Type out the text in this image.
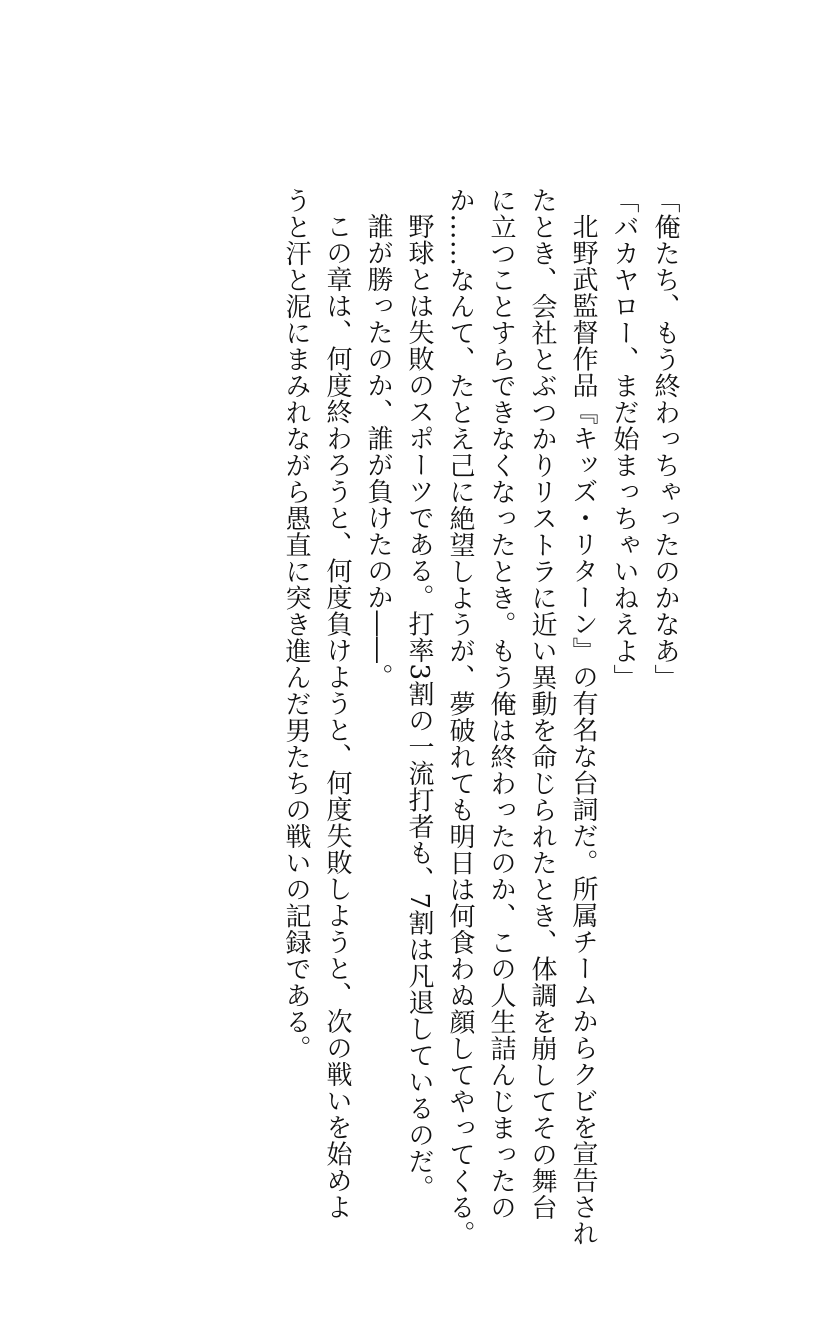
「俺たち、もう終わっちゃったのかなあ」

「バカヤロー、まだ始まっちゃいねえよ」

北野武監督作品『キッズ・リターン』の有名な台詞だ。所属チームからクビを宣告され

たとき、会社とぶつかりリストラに近い異動を命じられたとき、体調を崩してその舞台

に立つことすらできなくなったとき。もう俺は終わったのか、この人生詰んじまったの

か……なんて、たとえ己に絶望しようが、夢破れても明日は何食わぬ顔してやってくる。

野球とは失敗のスポーツである。打率3割の一流打者も、7割は凡退しているのだ。

誰が勝ったのか、誰が負けたのか――。

この章は、何度終わろうと、何度負けようと、何度失敗しようと、次の戦いを始めよ

うと汗と泥にまみれながら愚直に突き進んだ男たちの戦いの記録である。
